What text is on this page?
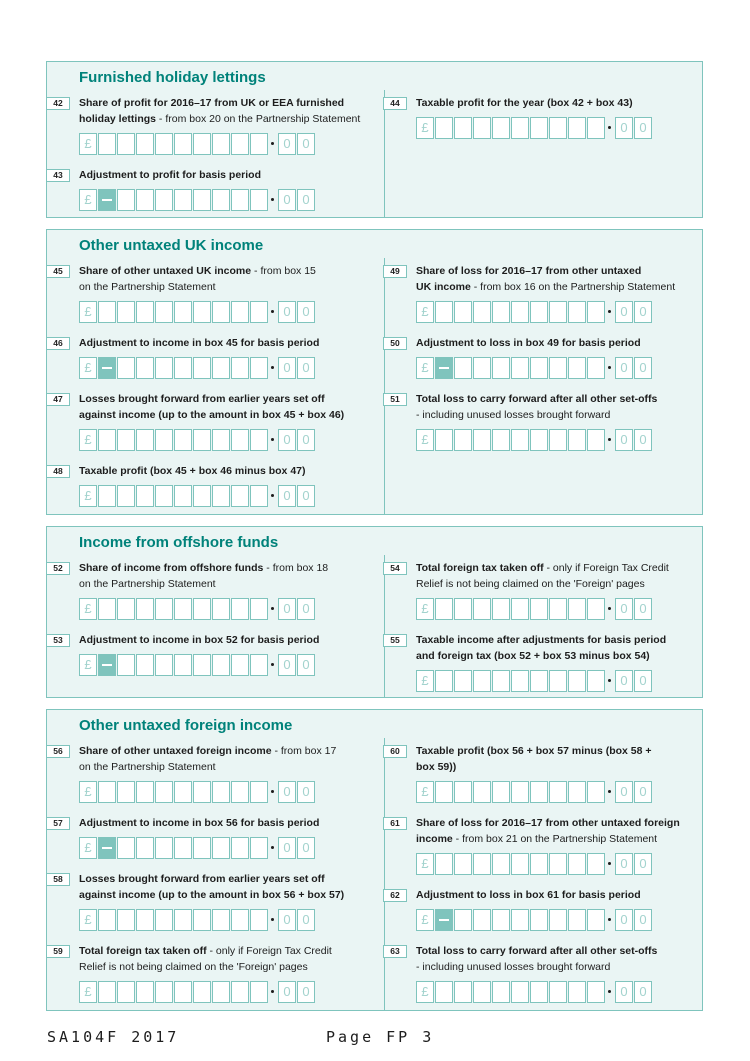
Furnished holiday lettings
Other untaxed UK income
Income from offshore funds
Other untaxed foreign income
42	Share of profit for 2016–17 from UK or EEA furnished
holiday lettings - from box 20 on the Partnership Statement
£	0 0
43	Adjustment to profit for basis period
£	0 0
44	Taxable profit for the year (box 42 + box 43)
£	0 0
45	Share of other untaxed UK income - from box 15
on the Partnership Statement
£	0 0
46	Adjustment to income in box 45 for basis period
£	0 0
47	Losses brought forward from earlier years set off
against income (up to the amount in box 45 + box 46)
£	0 0
48	Taxable profit (box 45 + box 46 minus box 47)
£	0 0
49	Share of loss for 2016–17 from other untaxed
UK income - from box 16 on the Partnership Statement
£	0 0
50	Adjustment to loss in box 49 for basis period
£	0 0
51	Total loss to carry forward after all other set-offs
- including unused losses brought forward
£	0 0
52	Share of income from offshore funds - from box 18
on the Partnership Statement
£	0 0
53	Adjustment to income in box 52 for basis period
£	0 0
54	Total foreign tax taken off - only if Foreign Tax Credit
Relief is not being claimed on the 'Foreign' pages
£	0 0
55	Taxable income after adjustments for basis period
and foreign tax (box 52 + box 53 minus box 54)
£	0 0
56	Share of other untaxed foreign income - from box 17
on the Partnership Statement
£	0 0
57	Adjustment to income in box 56 for basis period
£	0 0
58	Losses brought forward from earlier years set off
against income (up to the amount in box 56 + box 57)
£	0 0
59	Total foreign tax taken off - only if Foreign Tax Credit
Relief is not being claimed on the 'Foreign' pages
£	0 0
60	Taxable profit (box 56 + box 57 minus (box 58 +
box 59))
£	0 0
61	Share of loss for 2016–17 from other untaxed foreign
income - from box 21 on the Partnership Statement
£	0 0
62	Adjustment to loss in box 61 for basis period
£	0 0
63	Total loss to carry forward after all other set-offs
- including unused losses brought forward
£	0 0
SA104F 2017	Page FP 3
